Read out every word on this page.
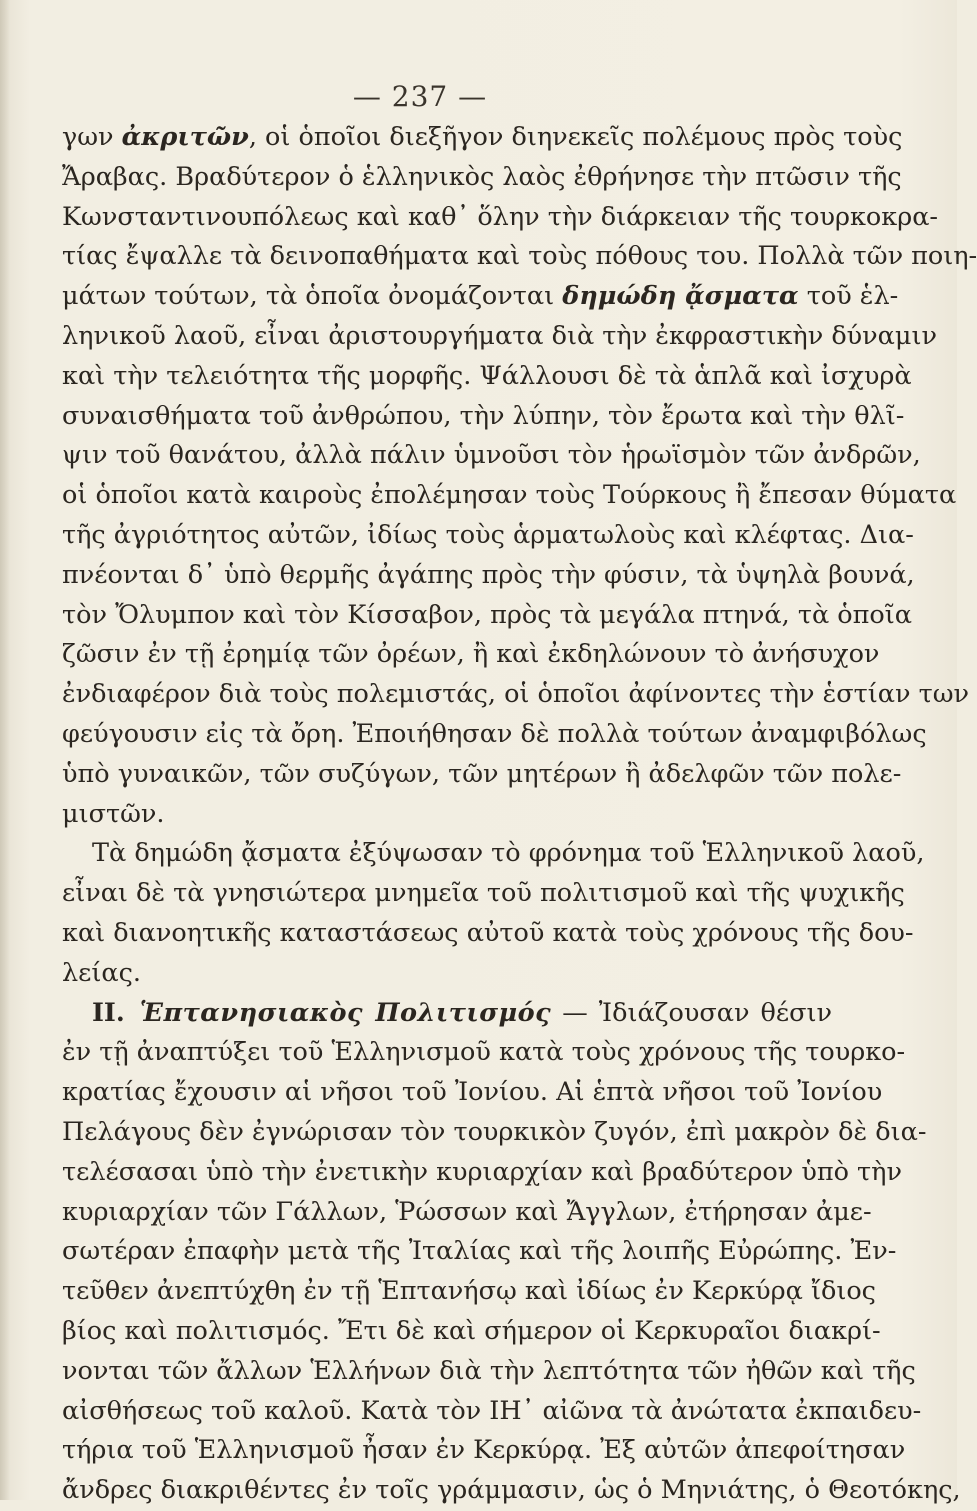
— 237 —
γων ἀκριτῶν, οἱ ὁποῖοι διεξῆγον διηνεκεῖς πολέμους πρὸς τοὺς
Ἄραβας. Βραδύτερον ὁ ἑλληνικὸς λαὸς ἐθρήνησε τὴν πτῶσιν τῆς
Κωνσταντινουπόλεως καὶ καθ᾽ ὅλην τὴν διάρκειαν τῆς τουρκοκρα-
τίας ἔψαλλε τὰ δεινοπαθήματα καὶ τοὺς πόθους του. Πολλὰ τῶν ποιη-
μάτων τούτων, τὰ ὁποῖα ὀνομάζονται δημώδη ᾄσματα τοῦ ἑλ-
ληνικοῦ λαοῦ, εἶναι ἀριστουργήματα διὰ τὴν ἐκφραστικὴν δύναμιν
καὶ τὴν τελειότητα τῆς μορφῆς. Ψάλλουσι δὲ τὰ ἁπλᾶ καὶ ἰσχυρὰ
συναισθήματα τοῦ ἀνθρώπου, τὴν λύπην, τὸν ἔρωτα καὶ τὴν θλῖ-
ψιν τοῦ θανάτου, ἀλλὰ πάλιν ὑμνοῦσι τὸν ἡρωϊσμὸν τῶν ἀνδρῶν,
οἱ ὁποῖοι κατὰ καιροὺς ἐπολέμησαν τοὺς Τούρκους ἢ ἔπεσαν θύματα
τῆς ἀγριότητος αὐτῶν, ἰδίως τοὺς ἁρματωλοὺς καὶ κλέφτας. Δια-
πνέονται δ᾽ ὑπὸ θερμῆς ἀγάπης πρὸς τὴν φύσιν, τὰ ὑψηλὰ βουνά,
τὸν Ὄλυμπον καὶ τὸν Κίσσαβον, πρὸς τὰ μεγάλα πτηνά, τὰ ὁποῖα
ζῶσιν ἐν τῇ ἐρημίᾳ τῶν ὀρέων, ἢ καὶ ἐκδηλώνουν τὸ ἀνήσυχον
ἐνδιαφέρον διὰ τοὺς πολεμιστάς, οἱ ὁποῖοι ἀφίνοντες τὴν ἑστίαν των
φεύγουσιν εἰς τὰ ὄρη. Ἐποιήθησαν δὲ πολλὰ τούτων ἀναμφιβόλως
ὑπὸ γυναικῶν, τῶν συζύγων, τῶν μητέρων ἢ ἀδελφῶν τῶν πολε-
μιστῶν.
Τὰ δημώδη ᾄσματα ἐξύψωσαν τὸ φρόνημα τοῦ Ἑλληνικοῦ λαοῦ,
εἶναι δὲ τὰ γνησιώτερα μνημεῖα τοῦ πολιτισμοῦ καὶ τῆς ψυχικῆς
καὶ διανοητικῆς καταστάσεως αὐτοῦ κατὰ τοὺς χρόνους τῆς δου-
λείας.
II. Ἑπτανησιακὸς Πολιτισμός — Ἰδιάζουσαν θέσιν
ἐν τῇ ἀναπτύξει τοῦ Ἑλληνισμοῦ κατὰ τοὺς χρόνους τῆς τουρκο-
κρατίας ἔχουσιν αἱ νῆσοι τοῦ Ἰονίου. Αἱ ἑπτὰ νῆσοι τοῦ Ἰονίου
Πελάγους δὲν ἐγνώρισαν τὸν τουρκικὸν ζυγόν, ἐπὶ μακρὸν δὲ δια-
τελέσασαι ὑπὸ τὴν ἐνετικὴν κυριαρχίαν καὶ βραδύτερον ὑπὸ τὴν
κυριαρχίαν τῶν Γάλλων, Ῥώσσων καὶ Ἄγγλων, ἐτήρησαν ἀμε-
σωτέραν ἐπαφὴν μετὰ τῆς Ἰταλίας καὶ τῆς λοιπῆς Εὐρώπης. Ἐν-
τεῦθεν ἀνεπτύχθη ἐν τῇ Ἑπτανήσῳ καὶ ἰδίως ἐν Κερκύρᾳ ἴδιος
βίος καὶ πολιτισμός. Ἔτι δὲ καὶ σήμερον οἱ Κερκυραῖοι διακρί-
νονται τῶν ἄλλων Ἑλλήνων διὰ τὴν λεπτότητα τῶν ἠθῶν καὶ τῆς
αἰσθήσεως τοῦ καλοῦ. Κατὰ τὸν ΙΗ᾽ αἰῶνα τὰ ἀνώτατα ἐκπαιδευ-
τήρια τοῦ Ἑλληνισμοῦ ἦσαν ἐν Κερκύρᾳ. Ἐξ αὐτῶν ἀπεφοίτησαν
ἄνδρες διακριθέντες ἐν τοῖς γράμμασιν, ὡς ὁ Μηνιάτης, ὁ Θεοτόκης,
